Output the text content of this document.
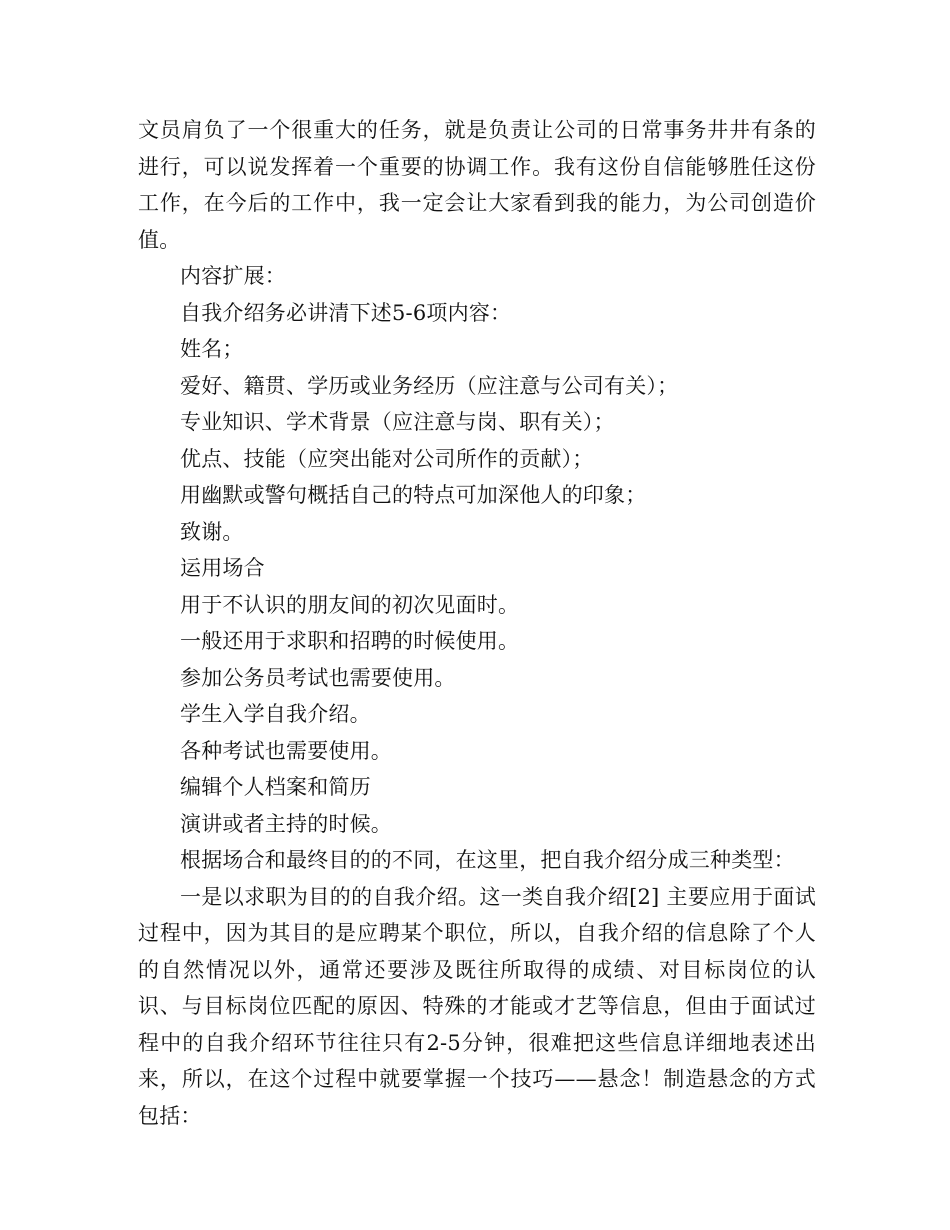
文员肩负了一个很重大的任务，就是负责让公司的日常事务井井有条的进行，可以说发挥着一个重要的协调工作。我有这份自信能够胜任这份工作，在今后的工作中，我一定会让大家看到我的能力，为公司创造价值。

内容扩展：

自我介绍务必讲清下述5-6项内容：

姓名；

爱好、籍贯、学历或业务经历（应注意与公司有关）；

专业知识、学术背景（应注意与岗、职有关）；

优点、技能（应突出能对公司所作的贡献）；

用幽默或警句概括自己的特点可加深他人的印象；

致谢。

运用场合

用于不认识的朋友间的初次见面时。

一般还用于求职和招聘的时候使用。

参加公务员考试也需要使用。

学生入学自我介绍。

各种考试也需要使用。

编辑个人档案和简历

演讲或者主持的时候。

根据场合和最终目的的不同，在这里，把自我介绍分成三种类型：

一是以求职为目的的自我介绍。这一类自我介绍[2] 主要应用于面试过程中，因为其目的是应聘某个职位，所以，自我介绍的信息除了个人的自然情况以外，通常还要涉及既往所取得的成绩、对目标岗位的认识、与目标岗位匹配的原因、特殊的才能或才艺等信息，但由于面试过程中的自我介绍环节往往只有2-5分钟，很难把这些信息详细地表述出来，所以，在这个过程中就要掌握一个技巧——悬念！制造悬念的方式包括：
